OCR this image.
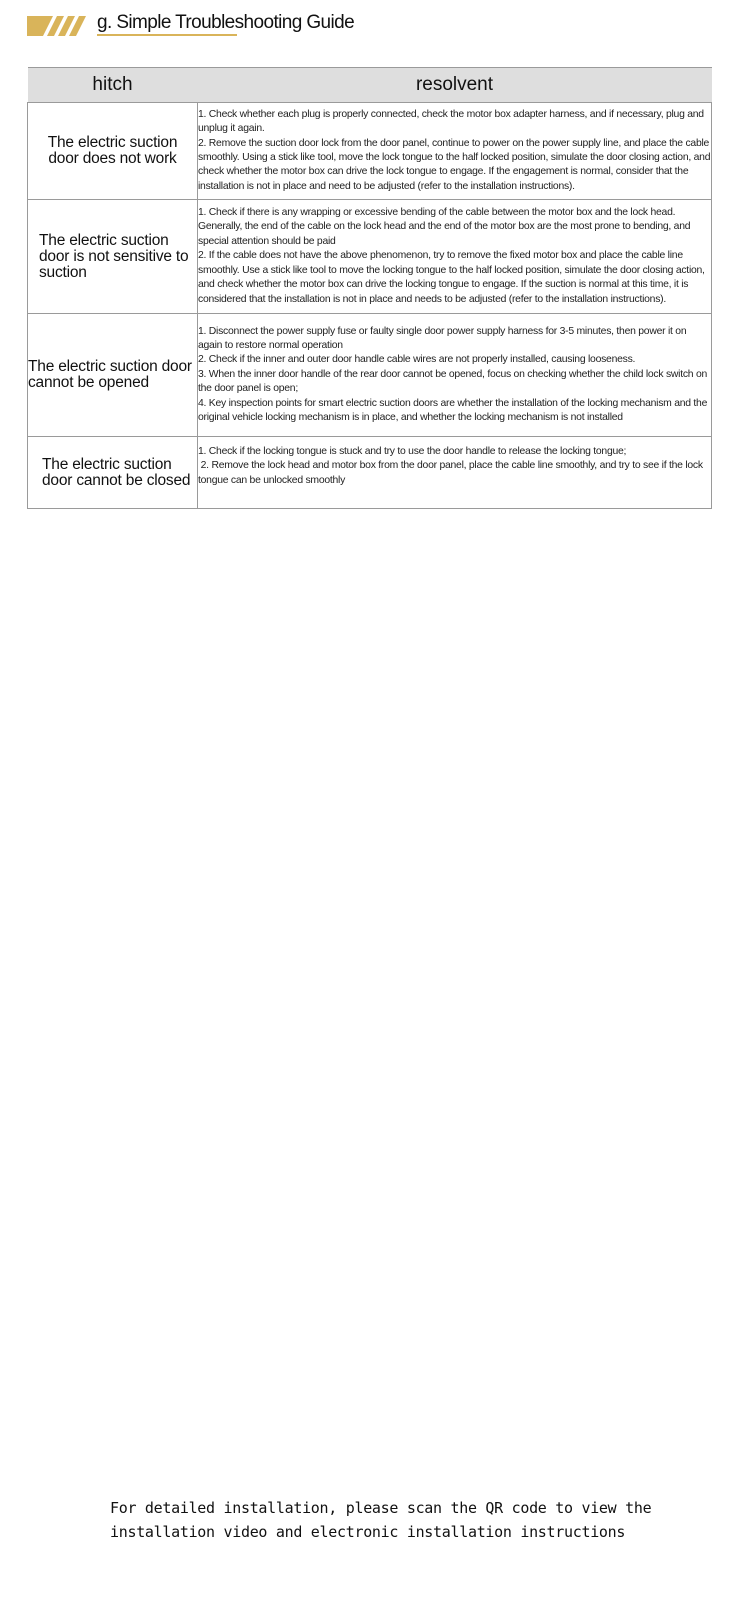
g. Simple Troubleshooting Guide
hitch	resolvent
The electric suction door does not work	1. Check whether each plug is properly connected, check the motor box adapter harness, and if necessary, plug and unplug it again.
2. Remove the suction door lock from the door panel, continue to power on the power supply line, and place the cable smoothly. Using a stick like tool, move the lock tongue to the half locked position, simulate the door closing action, and check whether the motor box can drive the lock tongue to engage. If the engagement is normal, consider that the installation is not in place and need to be adjusted (refer to the installation instructions).

The electric suction door is not sensitive to suction	1. Check if there is any wrapping or excessive bending of the cable between the motor box and the lock head. Generally, the end of the cable on the lock head and the end of the motor box are the most prone to bending, and special attention should be paid
2. If the cable does not have the above phenomenon, try to remove the fixed motor box and place the cable line smoothly. Use a stick like tool to move the locking tongue to the half locked position, simulate the door closing action, and check whether the motor box can drive the locking tongue to engage. If the suction is normal at this time, it is considered that the installation is not in place and needs to be adjusted (refer to the installation instructions).

The electric suction door cannot be opened	1. Disconnect the power supply fuse or faulty single door power supply harness for 3-5 minutes, then power it on again to restore normal operation
2. Check if the inner and outer door handle cable wires are not properly installed, causing looseness.
3. When the inner door handle of the rear door cannot be opened, focus on checking whether the child lock switch on the door panel is open;
4. Key inspection points for smart electric suction doors are whether the installation of the locking mechanism and the original vehicle locking mechanism is in place, and whether the locking mechanism is not installed

The electric suction door cannot be closed	1. Check if the locking tongue is stuck and try to use the door handle to release the locking tongue;
2. Remove the lock head and motor box from the door panel, place the cable line smoothly, and try to see if the lock tongue can be unlocked smoothly
For detailed installation, please scan the QR code to view the installation video and electronic installation instructions
